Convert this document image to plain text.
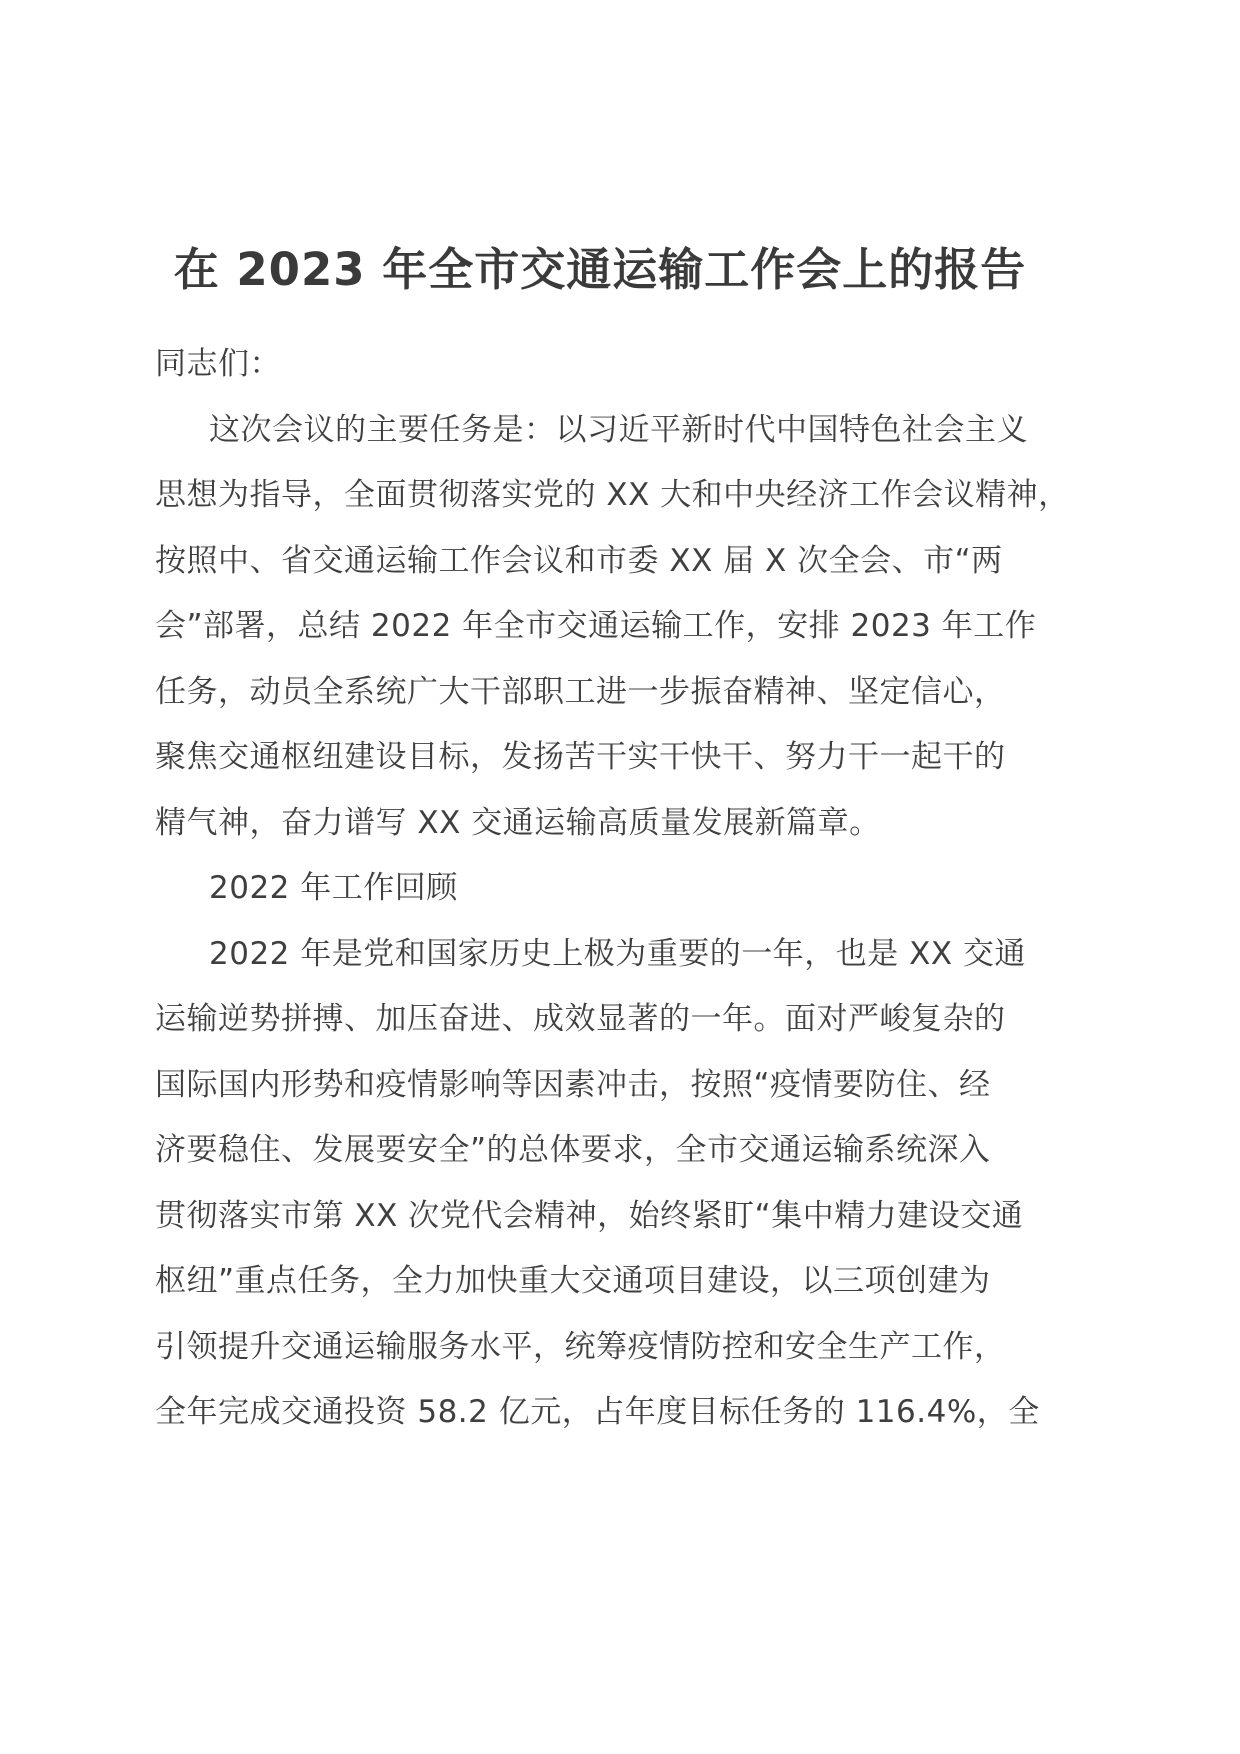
在 2023 年全市交通运输工作会上的报告
同志们：
这次会议的主要任务是：以习近平新时代中国特色社会主义
思想为指导，全面贯彻落实党的 XX 大和中央经济工作会议精神，
按照中、省交通运输工作会议和市委 XX 届 X 次全会、市“两
会”部署，总结 2022 年全市交通运输工作，安排 2023 年工作
任务，动员全系统广大干部职工进一步振奋精神、坚定信心，
聚焦交通枢纽建设目标，发扬苦干实干快干、努力干一起干的
精气神，奋力谱写 XX 交通运输高质量发展新篇章。
2022 年工作回顾
2022 年是党和国家历史上极为重要的一年，也是 XX 交通
运输逆势拼搏、加压奋进、成效显著的一年。面对严峻复杂的
国际国内形势和疫情影响等因素冲击，按照“疫情要防住、经
济要稳住、发展要安全”的总体要求，全市交通运输系统深入
贯彻落实市第 XX 次党代会精神，始终紧盯“集中精力建设交通
枢纽”重点任务，全力加快重大交通项目建设，以三项创建为
引领提升交通运输服务水平，统筹疫情防控和安全生产工作，
全年完成交通投资 58.2 亿元，占年度目标任务的 116.4%，全
